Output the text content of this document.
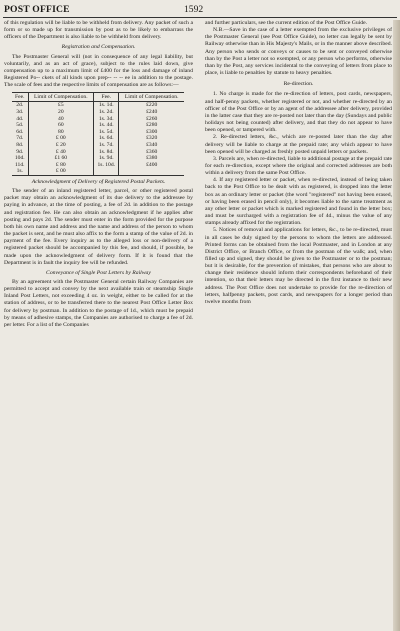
POST OFFICE	1592

of this regulation will be liable to be withheld from delivery. Any packet of such a form or so made up for transmission by post as to be likely to embarrass the officers of the Department is also liable to be withheld from delivery.

Registration and Compensation.

The Postmaster General will (not in consequence of any legal liability, but voluntarily, and as an act of grace), subject to the rules laid down, give compensation up to a maximum limit of £400 for the loss and damage of inland Registered Po-- ckets of all kinds upon prep-- -- -- ee in addition to the postage. The scale of fees and the respective limits of compensation are as follows:—

Fee.	Limit of Compensation.	Fee.	Limit of Compensation.
2d.	£5	1s. 1d.	£220
3d.	20	1s. 2d.	£240
4d.	40	1s. 3d.	£260
5d.	60	1s. 4d.	£280
6d.	80	1s. 5d.	£300
7d.	£ 00	1s. 6d.	£320
8d.	£ 20	1s. 7d.	£340
9d.	£ 40	1s. 8d.	£360
10d.	£1 60	1s. 9d.	£380
11d.	£ 80	1s. 10d.	£400
1s.	£ 00		

Acknowledgment of Delivery of Registered Postal Packets.

The sender of an inland registered letter, parcel, or other registered postal packet may obtain an acknowledgment of its due delivery to the addressee by paying in advance, at the time of posting, a fee of 2d. in addition to the postage and registration fee. He can also obtain an acknowledgment if he applies after posting and pays 2d. The sender must enter in the form provided for the purpose both his own name and address and the name and address of the person to whom the packet is sent, and he must also affix to the form a stamp of the value of 2d. in payment of the fee. Every inquiry as to the alleged loss or non-delivery of a registered packet should be accompanied by this fee, and should, if possible, be made upon the acknowledgment of delivery form. If it is found that the Department is in fault the inquiry fee will be refunded.

Conveyance of Single Post Letters by Railway

By an agreement with the Postmaster General certain Railway Companies are permitted to accept and convey by the next available train or steamship Single Inland Post Letters, not exceeding 4 oz. in weight, either to be called for at the station of address, or to be transferred there to the nearest Post Office Letter Box for delivery by postman. In addition to the postage of 1d., which must be prepaid by means of adhesive stamps, the Companies are authorised to charge a fee of 2d. per letter. For a list of the Companies

and further particulars, see the current edition of the Post Office Guide.

N.B.—Save in the case of a letter exempted from the exclusive privileges of the Postmaster General (see Post Office Guide), no letter can legally be sent by Railway otherwise than in His Majesty's Mails, or in the manner above described. Any person who sends or conveys or causes to be sent or conveyed otherwise than by the Post a letter not so exempted, or any person who performs, otherwise than by the Post, any services incidental to the conveying of letters from place to place, is liable to penalties by statute to heavy penalties.

Re-direction.

1. No charge is made for the re-direction of letters, post cards, newspapers, and half-penny packets, whether registered or not, and whether re-directed by an officer of the Post Office or by an agent of the addressee after delivery, provided in the latter case that they are re-posted not later than the day (Sundays and public holidays not being counted) after delivery, and that they do not appear to have been opened, or tampered with.

2. Re-directed letters, &c., which are re-posted later than the day after delivery will be liable to charge at the prepaid rate; any which appear to have been opened will be charged as freshly posted unpaid letters or packets.

3. Parcels are, when re-directed, liable to additional postage at the prepaid rate for each re-direction, except where the original and corrected addresses are both within a delivery from the same Post Office.

4. If any registered letter or packet, when re-directed, instead of being taken back to the Post Office to be dealt with as registered, is dropped into the letter box as an ordinary letter or packet (the word "registered" not having been erased, or having been erased in pencil only), it becomes liable to the same treatment as any other letter or packet which is marked registered and found in the letter box; and must be surcharged with a registration fee of 4d., minus the value of any stamps already affixed for the registration.

5. Notices of removal and applications for letters, &c., to be re-directed, must in all cases be duly signed by the persons to whom the letters are addressed. Printed forms can be obtained from the local Postmaster, and in London at any District Office, or Branch Office, or from the postman of the walk; and, when filled up and signed, they should be given to the Postmaster or to the postman; but it is desirable, for the prevention of mistakes, that persons who are about to change their residence should inform their correspondents beforehand of their intention, so that their letters may be directed in the first instance to their new address. The Post Office does not undertake to provide for the re-direction of letters, halfpenny packets, post cards, and newspapers for a longer period than twelve months from
